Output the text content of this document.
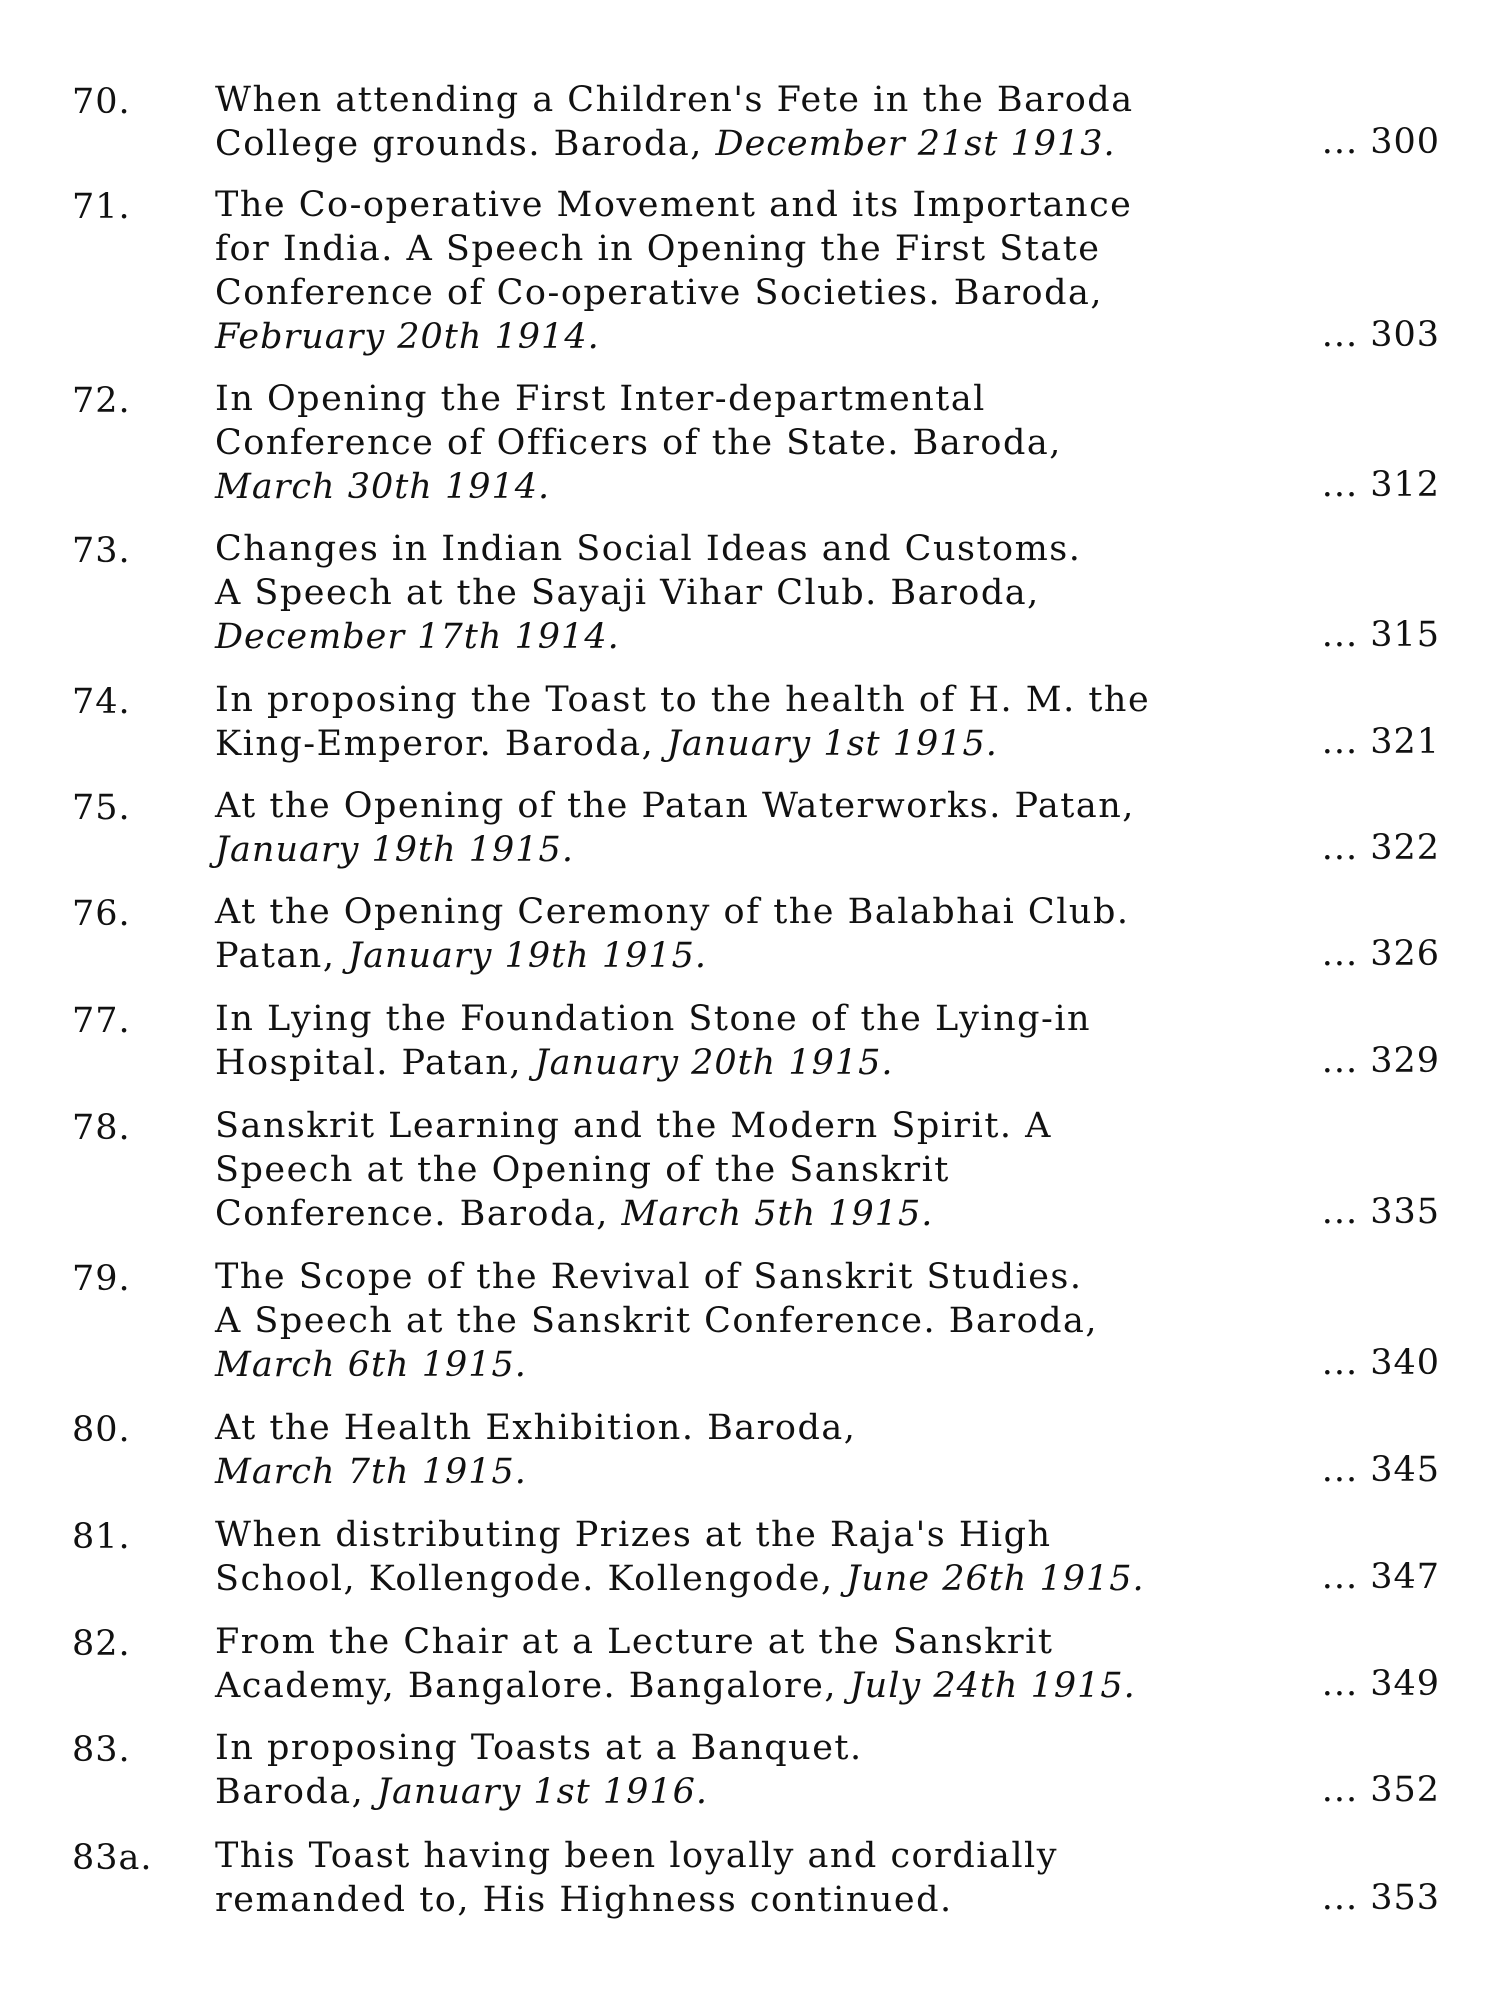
70. When attending a Children's Fete in the Baroda
College grounds. Baroda, December 21st 1913.	... 300
71. The Co-operative Movement and its Importance
for India. A Speech in Opening the First State
Conference of Co-operative Societies. Baroda,
February 20th 1914.	... 303
72. In Opening the First Inter-departmental
Conference of Officers of the State. Baroda,
March 30th 1914.	... 312
73. Changes in Indian Social Ideas and Customs.
A Speech at the Sayaji Vihar Club. Baroda,
December 17th 1914.	... 315
74. In proposing the Toast to the health of H. M. the
King-Emperor. Baroda, January 1st 1915.	... 321
75. At the Opening of the Patan Waterworks. Patan,
January 19th 1915.	... 322
76. At the Opening Ceremony of the Balabhai Club.
Patan, January 19th 1915.	... 326
77. In Lying the Foundation Stone of the Lying-in
Hospital. Patan, January 20th 1915.	... 329
78. Sanskrit Learning and the Modern Spirit. A
Speech at the Opening of the Sanskrit
Conference. Baroda, March 5th 1915.	... 335
79. The Scope of the Revival of Sanskrit Studies.
A Speech at the Sanskrit Conference. Baroda,
March 6th 1915.	... 340
80. At the Health Exhibition. Baroda,
March 7th 1915.	... 345
81. When distributing Prizes at the Raja's High
School, Kollengode. Kollengode, June 26th 1915.	... 347
82. From the Chair at a Lecture at the Sanskrit
Academy, Bangalore. Bangalore, July 24th 1915.	... 349
83. In proposing Toasts at a Banquet.
Baroda, January 1st 1916.	... 352
83a. This Toast having been loyally and cordially
remanded to, His Highness continued.	... 353
